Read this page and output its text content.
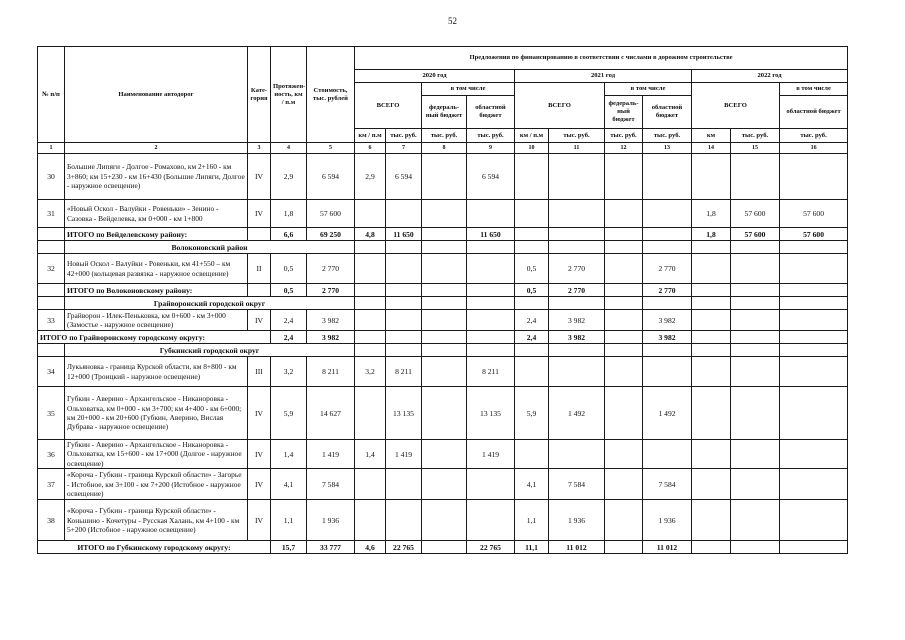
52
№ п/п	Наименование автодорог	Кате-гория	Протяжен-ность, км / п.м	Стоимость, тыс. рублей	Предложения по финансированию в соответствии с числами в дорожном строительстве										
					2020 год				2021 год				2022 год		
					ВСЕГО		в том числе		ВСЕГО		в том числе		ВСЕГО		в том числе
							федераль-ный бюджет	областной бюджет			федераль-ный бюджет	областной бюджет			областной бюджет
					км / п.м	тыс. руб.	тыс. руб.	тыс. руб.	км / п.м	тыс. руб.	тыс. руб.	тыс. руб.	км	тыс. руб.	тыс. руб.
1	2	3	4	5	6	7	8	9	10	11	12	13	14	15	16
30	Большие Липяги - Долгое - Ромахово, км 2+160 - км 3+860; км 15+230 - км 16+430 (Большие Липяги, Долгое - наружное освещение)	IV	2,9	6 594	2,9	6 594		6 594							
31	«Новый Оскол - Валуйки - Ровеньки» - Зенино - Сазовка - Вейделевка, км 0+000 - км 1+800	IV	1,8	57 600									1,8	57 600	57 600
	ИТОГО по Вейделевскому району:		6,6	69 250	4,8	11 650		11 650					1,8	57 600	57 600
	Волоконовский район														
32	Новый Оскол - Валуйки - Ровеньки, км 41+550 – км 42+000 (кольцевая развязка - наружное освещение)	II	0,5	2 770					0,5	2 770		2 770			
	ИТОГО по Волоконовскому району:		0,5	2 770					0,5	2 770		2 770			
	Грайворонский городской округ														
33	Грайворон - Илек-Пеньковка, км 0+600 - км 3+000 (Замостье - наружное освещение)	IV	2,4	3 982					2,4	3 982		3 982			
ИТОГО по Грайворонскому городскому округу:			2,4	3 982					2,4	3 982		3 982			
	Губкинский городской округ														
34	Лукьяновка - граница Курской области, км 8+800 - км 12+000 (Троицкий - наружное освещение)	III	3,2	8 211	3,2	8 211		8 211							
35	Губкин - Аверино - Архангельское - Никаноровка - Ольховатка, км 0+000 - км 3+700; км 4+400 - км 6+000; км 20+000 - км 20+600 (Губкин, Аверино, Вислая Дубрава - наружное освещение)	IV	5,9	14 627		13 135		13 135	5,9	1 492		1 492			
36	Губкин - Аверино - Архангельское - Никаноровка - Ольховатка, км 15+600 - км 17+000 (Долгое - наружное освещение)	IV	1,4	1 419	1,4	1 419		1 419							
37	«Короча - Губкин - граница Курской области» - Загорье - Истобное, км 3+100 - км 7+200 (Истобное - наружное освещение)	IV	4,1	7 584					4,1	7 584		7 584			
38	«Короча - Губкин - граница Курской области» - Коньшино - Кочетуры - Русская Халань, км 4+100 - км 5+200 (Истобное - наружное освещение)	IV	1,1	1 936					1,1	1 936		1 936			
ИТОГО по Губкинскому городскому округу:			15,7	33 777	4,6	22 765		22 765	11,1	11 012		11 012			
